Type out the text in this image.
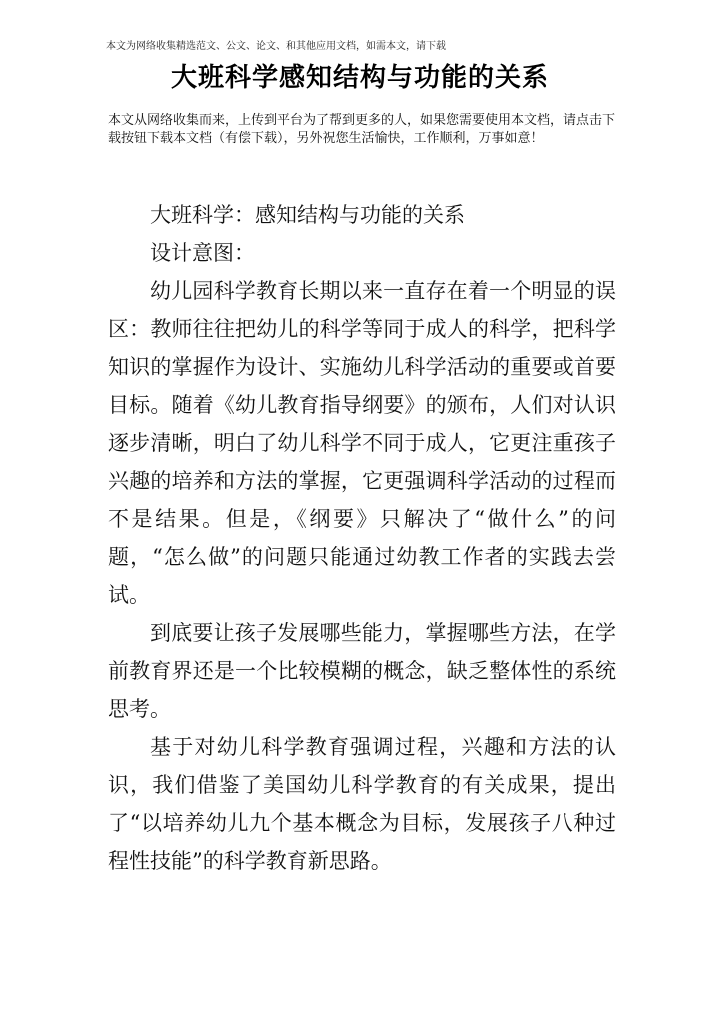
本文为网络收集精选范文、公文、论文、和其他应用文档，如需本文，请下载
大班科学感知结构与功能的关系
本文从网络收集而来，上传到平台为了帮到更多的人，如果您需要使用本文档，请点击下载按钮下载本文档（有偿下载），另外祝您生活愉快，工作顺利，万事如意！

大班科学：感知结构与功能的关系

设计意图：

幼儿园科学教育长期以来一直存在着一个明显的误区：教师往往把幼儿的科学等同于成人的科学，把科学知识的掌握作为设计、实施幼儿科学活动的重要或首要目标。随着《幼儿教育指导纲要》的颁布，人们对认识逐步清晰，明白了幼儿科学不同于成人，它更注重孩子兴趣的培养和方法的掌握，它更强调科学活动的过程而不是结果。但是，《纲要》只解决了“做什么”的问题，“怎么做”的问题只能通过幼教工作者的实践去尝试。

到底要让孩子发展哪些能力，掌握哪些方法，在学前教育界还是一个比较模糊的概念，缺乏整体性的系统思考。

基于对幼儿科学教育强调过程，兴趣和方法的认识，我们借鉴了美国幼儿科学教育的有关成果，提出了“以培养幼儿九个基本概念为目标，发展孩子八种过程性技能”的科学教育新思路。
